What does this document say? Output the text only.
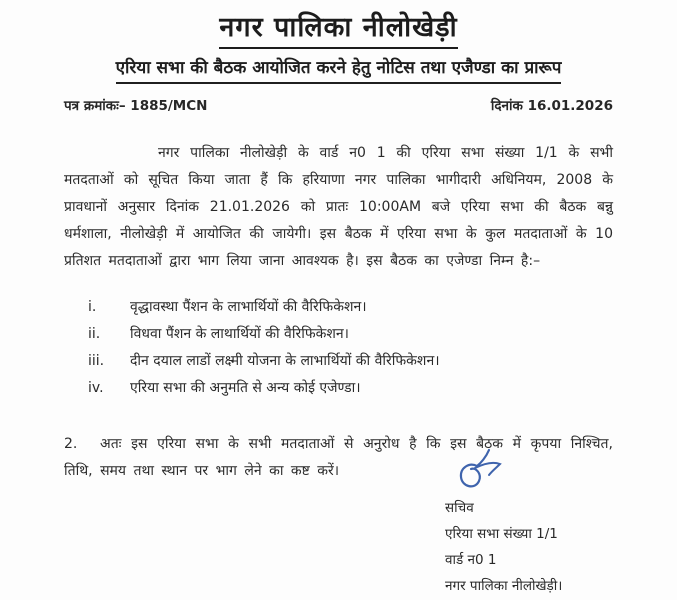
नगर पालिका नीलोखेड़ी
एरिया सभा की बैठक आयोजित करने हेतु नोटिस तथा एजैण्डा का प्रारूप
पत्र क्रमांकः– 1885/MCN	दिनांक 16.01.2026
नगर पालिका नीलोखेड़ी के वार्ड न0 1 की एरिया सभा संख्या 1/1 के सभी मतदताओं को सूचित किया जाता हैं कि हरियाणा नगर पालिका भागीदारी अधिनियम, 2008 के प्रावधानों अनुसार दिनांक 21.01.2026 को प्रातः 10:00AM बजे एरिया सभा की बैठक बन्नु धर्मशाला, नीलोखेड़ी में आयोजित की जायेगी। इस बैठक में एरिया सभा के कुल मतदाताओं के 10 प्रतिशत मतदाताओं द्वारा भाग लिया जाना आवश्यक है। इस बैठक का एजेण्डा निम्न है:–
i.	वृद्धावस्था पैंशन के लाभार्थियों की वैरिफिकेशन।
ii.	विधवा पैंशन के लाथार्थियों की वैरिफिकेशन।
iii.	दीन दयाल लाडों लक्ष्मी योजना के लाभार्थियों की वैरिफिकेशन।
iv.	एरिया सभा की अनुमति से अन्य कोई एजेण्डा।
2. अतः इस एरिया सभा के सभी मतदाताओं से अनुरोध है कि इस बैठक में कृपया निश्चित, तिथि, समय तथा स्थान पर भाग लेने का कष्ट करें।
सचिव
एरिया सभा संख्या 1/1
वार्ड न0 1
नगर पालिका नीलोखेड़ी।
